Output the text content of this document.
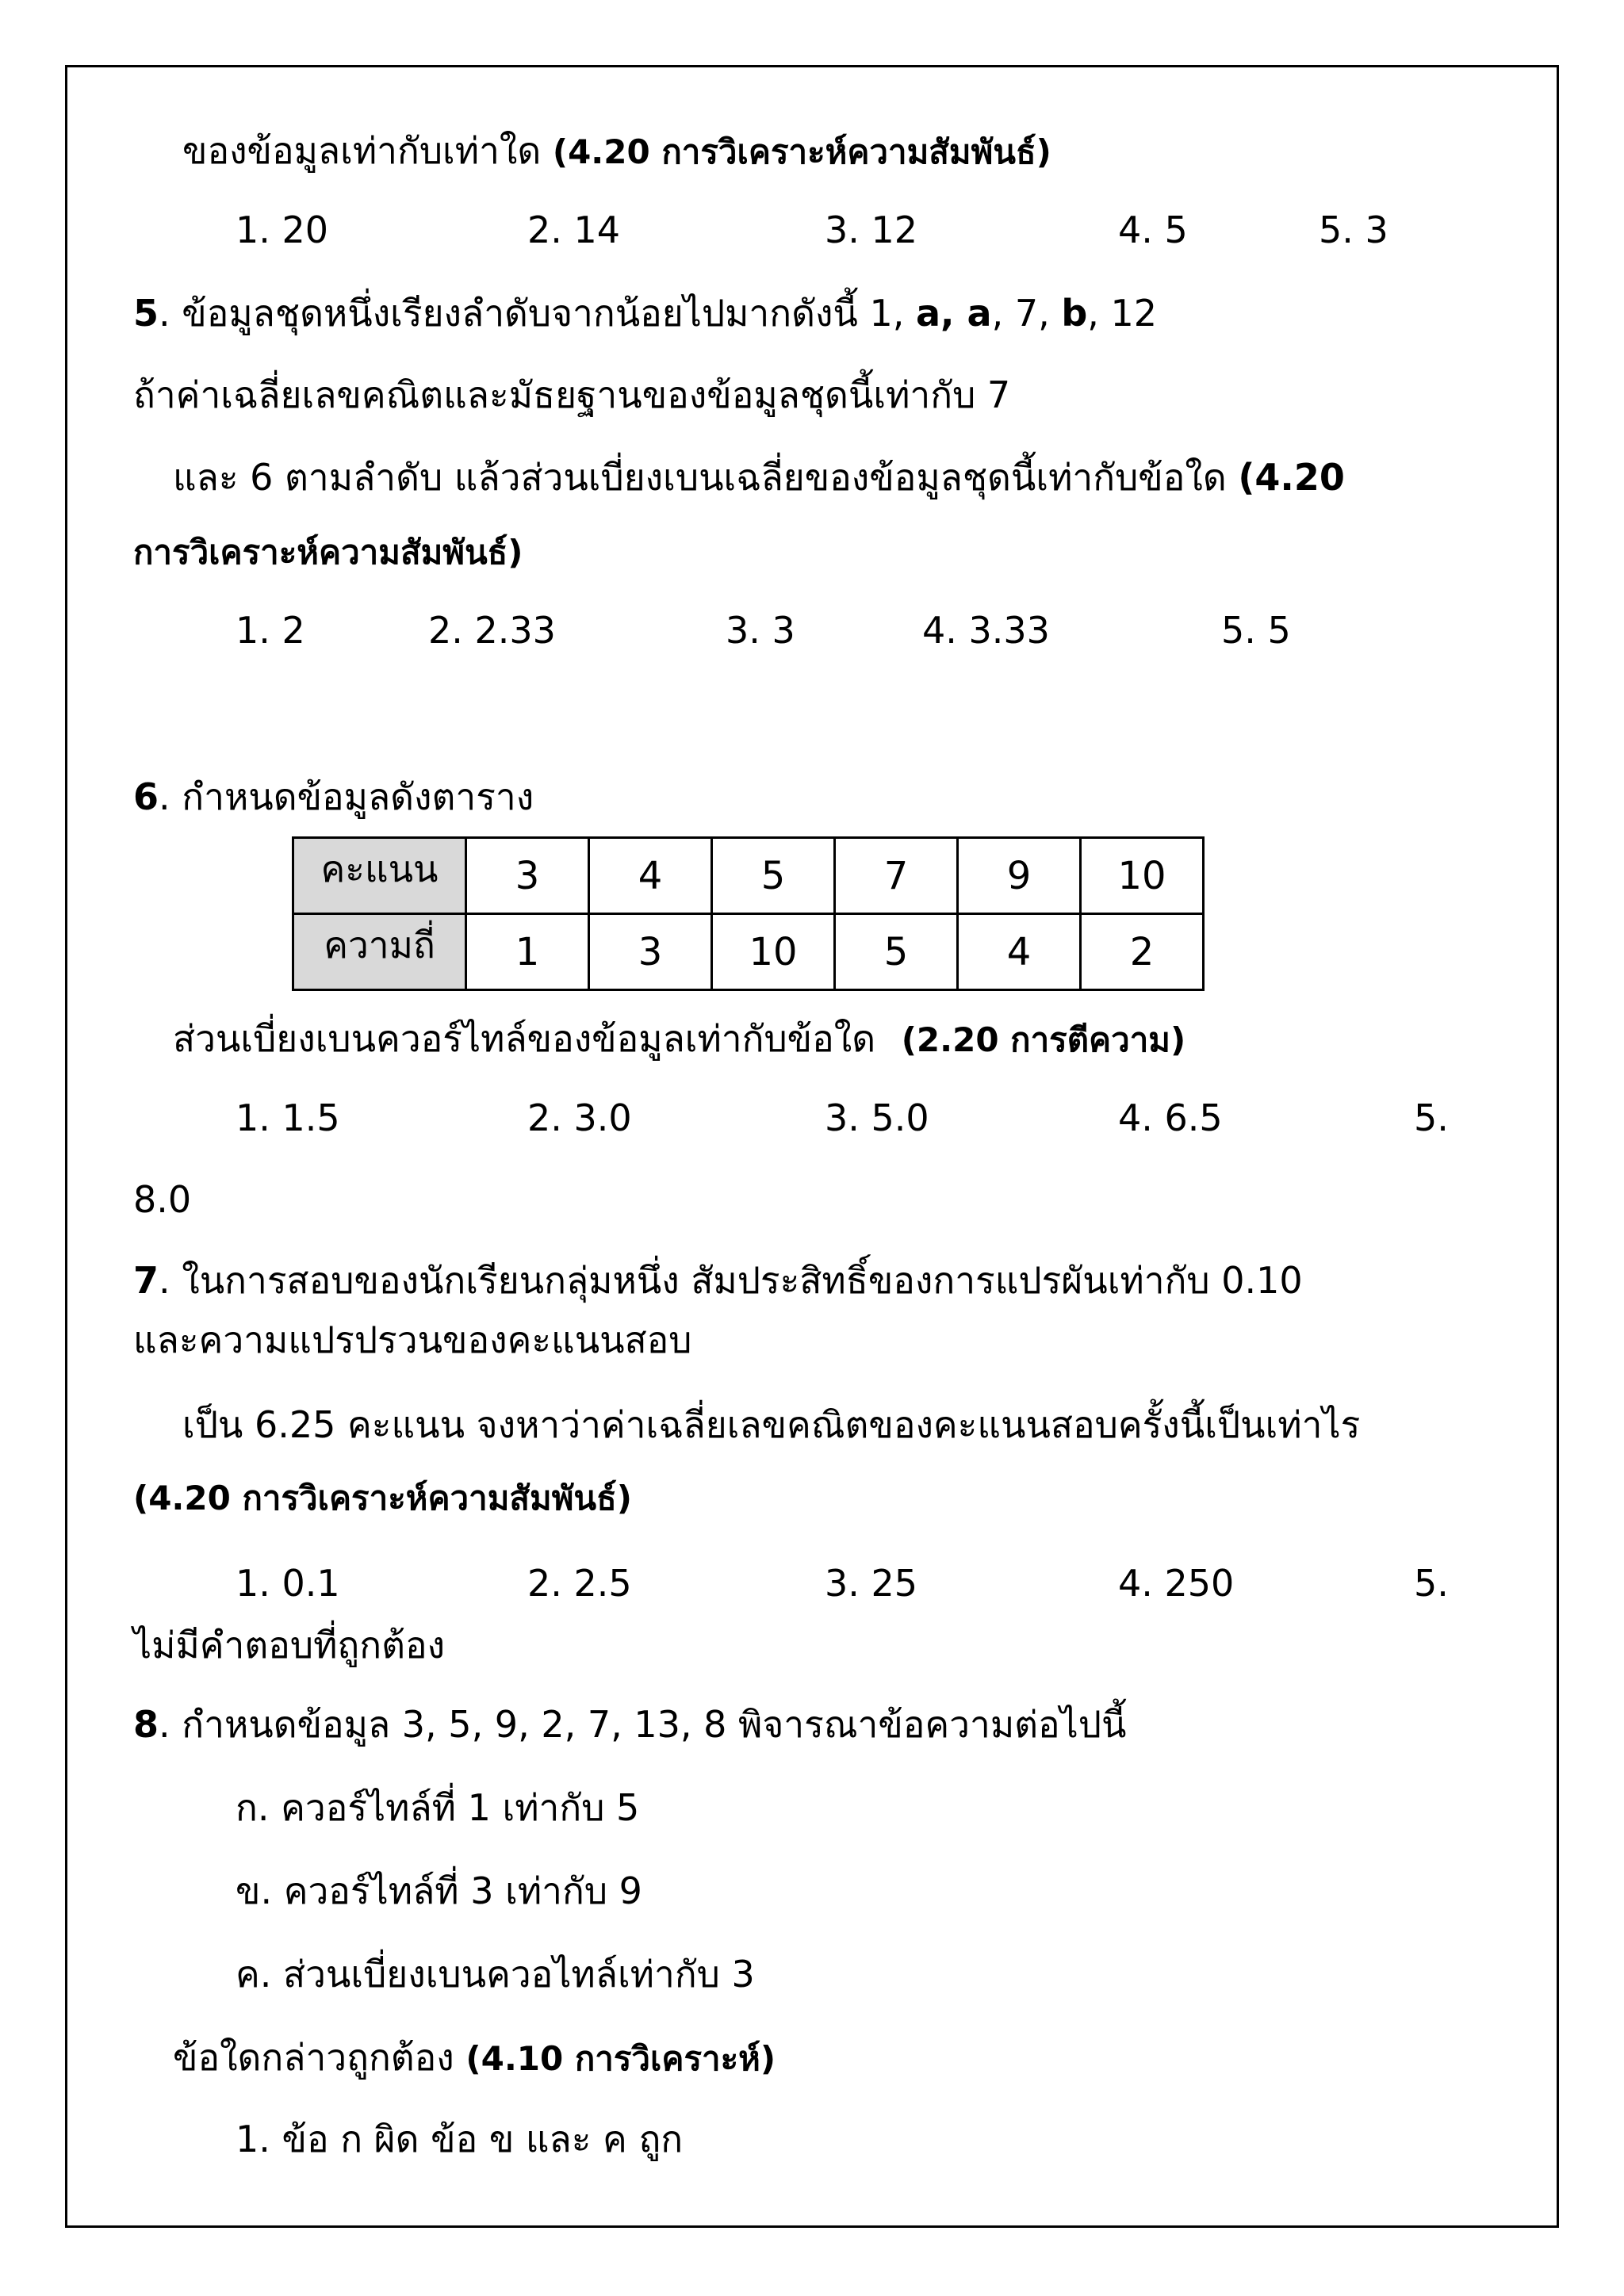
ของข้อมูลเท่ากับเท่าใด (4.20 การวิเคราะห์ความสัมพันธ์)
1. 20	2. 14	3. 12	4. 5	5. 3
5. ข้อมูลชุดหนึ่งเรียงลำดับจากน้อยไปมากดังนี้ 1, a, a, 7, b, 12
ถ้าค่าเฉลี่ยเลขคณิตและมัธยฐานของข้อมูลชุดนี้เท่ากับ 7
และ 6 ตามลำดับ แล้วส่วนเบี่ยงเบนเฉลี่ยของข้อมูลชุดนี้เท่ากับข้อใด (4.20
การวิเคราะห์ความสัมพันธ์)
1. 2	2. 2.33	3. 3	4. 3.33	5. 5
6. กำหนดข้อมูลดังตาราง
คะแนน	3	4	5	7	9	10
ความถี่	1	3	10	5	4	2
ส่วนเบี่ยงเบนควอร์ไทล์ของข้อมูลเท่ากับข้อใด (2.20 การตีความ)
1. 1.5	2. 3.0	3. 5.0	4. 6.5	5.
8.0
7. ในการสอบของนักเรียนกลุ่มหนึ่ง สัมประสิทธิ์ของการแปรผันเท่ากับ 0.10
และความแปรปรวนของคะแนนสอบ
เป็น 6.25 คะแนน จงหาว่าค่าเฉลี่ยเลขคณิตของคะแนนสอบครั้งนี้เป็นเท่าไร
(4.20 การวิเคราะห์ความสัมพันธ์)
1. 0.1	2. 2.5	3. 25	4. 250	5.
ไม่มีคำตอบที่ถูกต้อง
8. กำหนดข้อมูล 3, 5, 9, 2, 7, 13, 8 พิจารณาข้อความต่อไปนี้
ก. ควอร์ไทล์ที่ 1 เท่ากับ 5
ข. ควอร์ไทล์ที่ 3 เท่ากับ 9
ค. ส่วนเบี่ยงเบนควอไทล์เท่ากับ 3
ข้อใดกล่าวถูกต้อง (4.10 การวิเคราะห์)
1. ข้อ ก ผิด ข้อ ข และ ค ถูก
